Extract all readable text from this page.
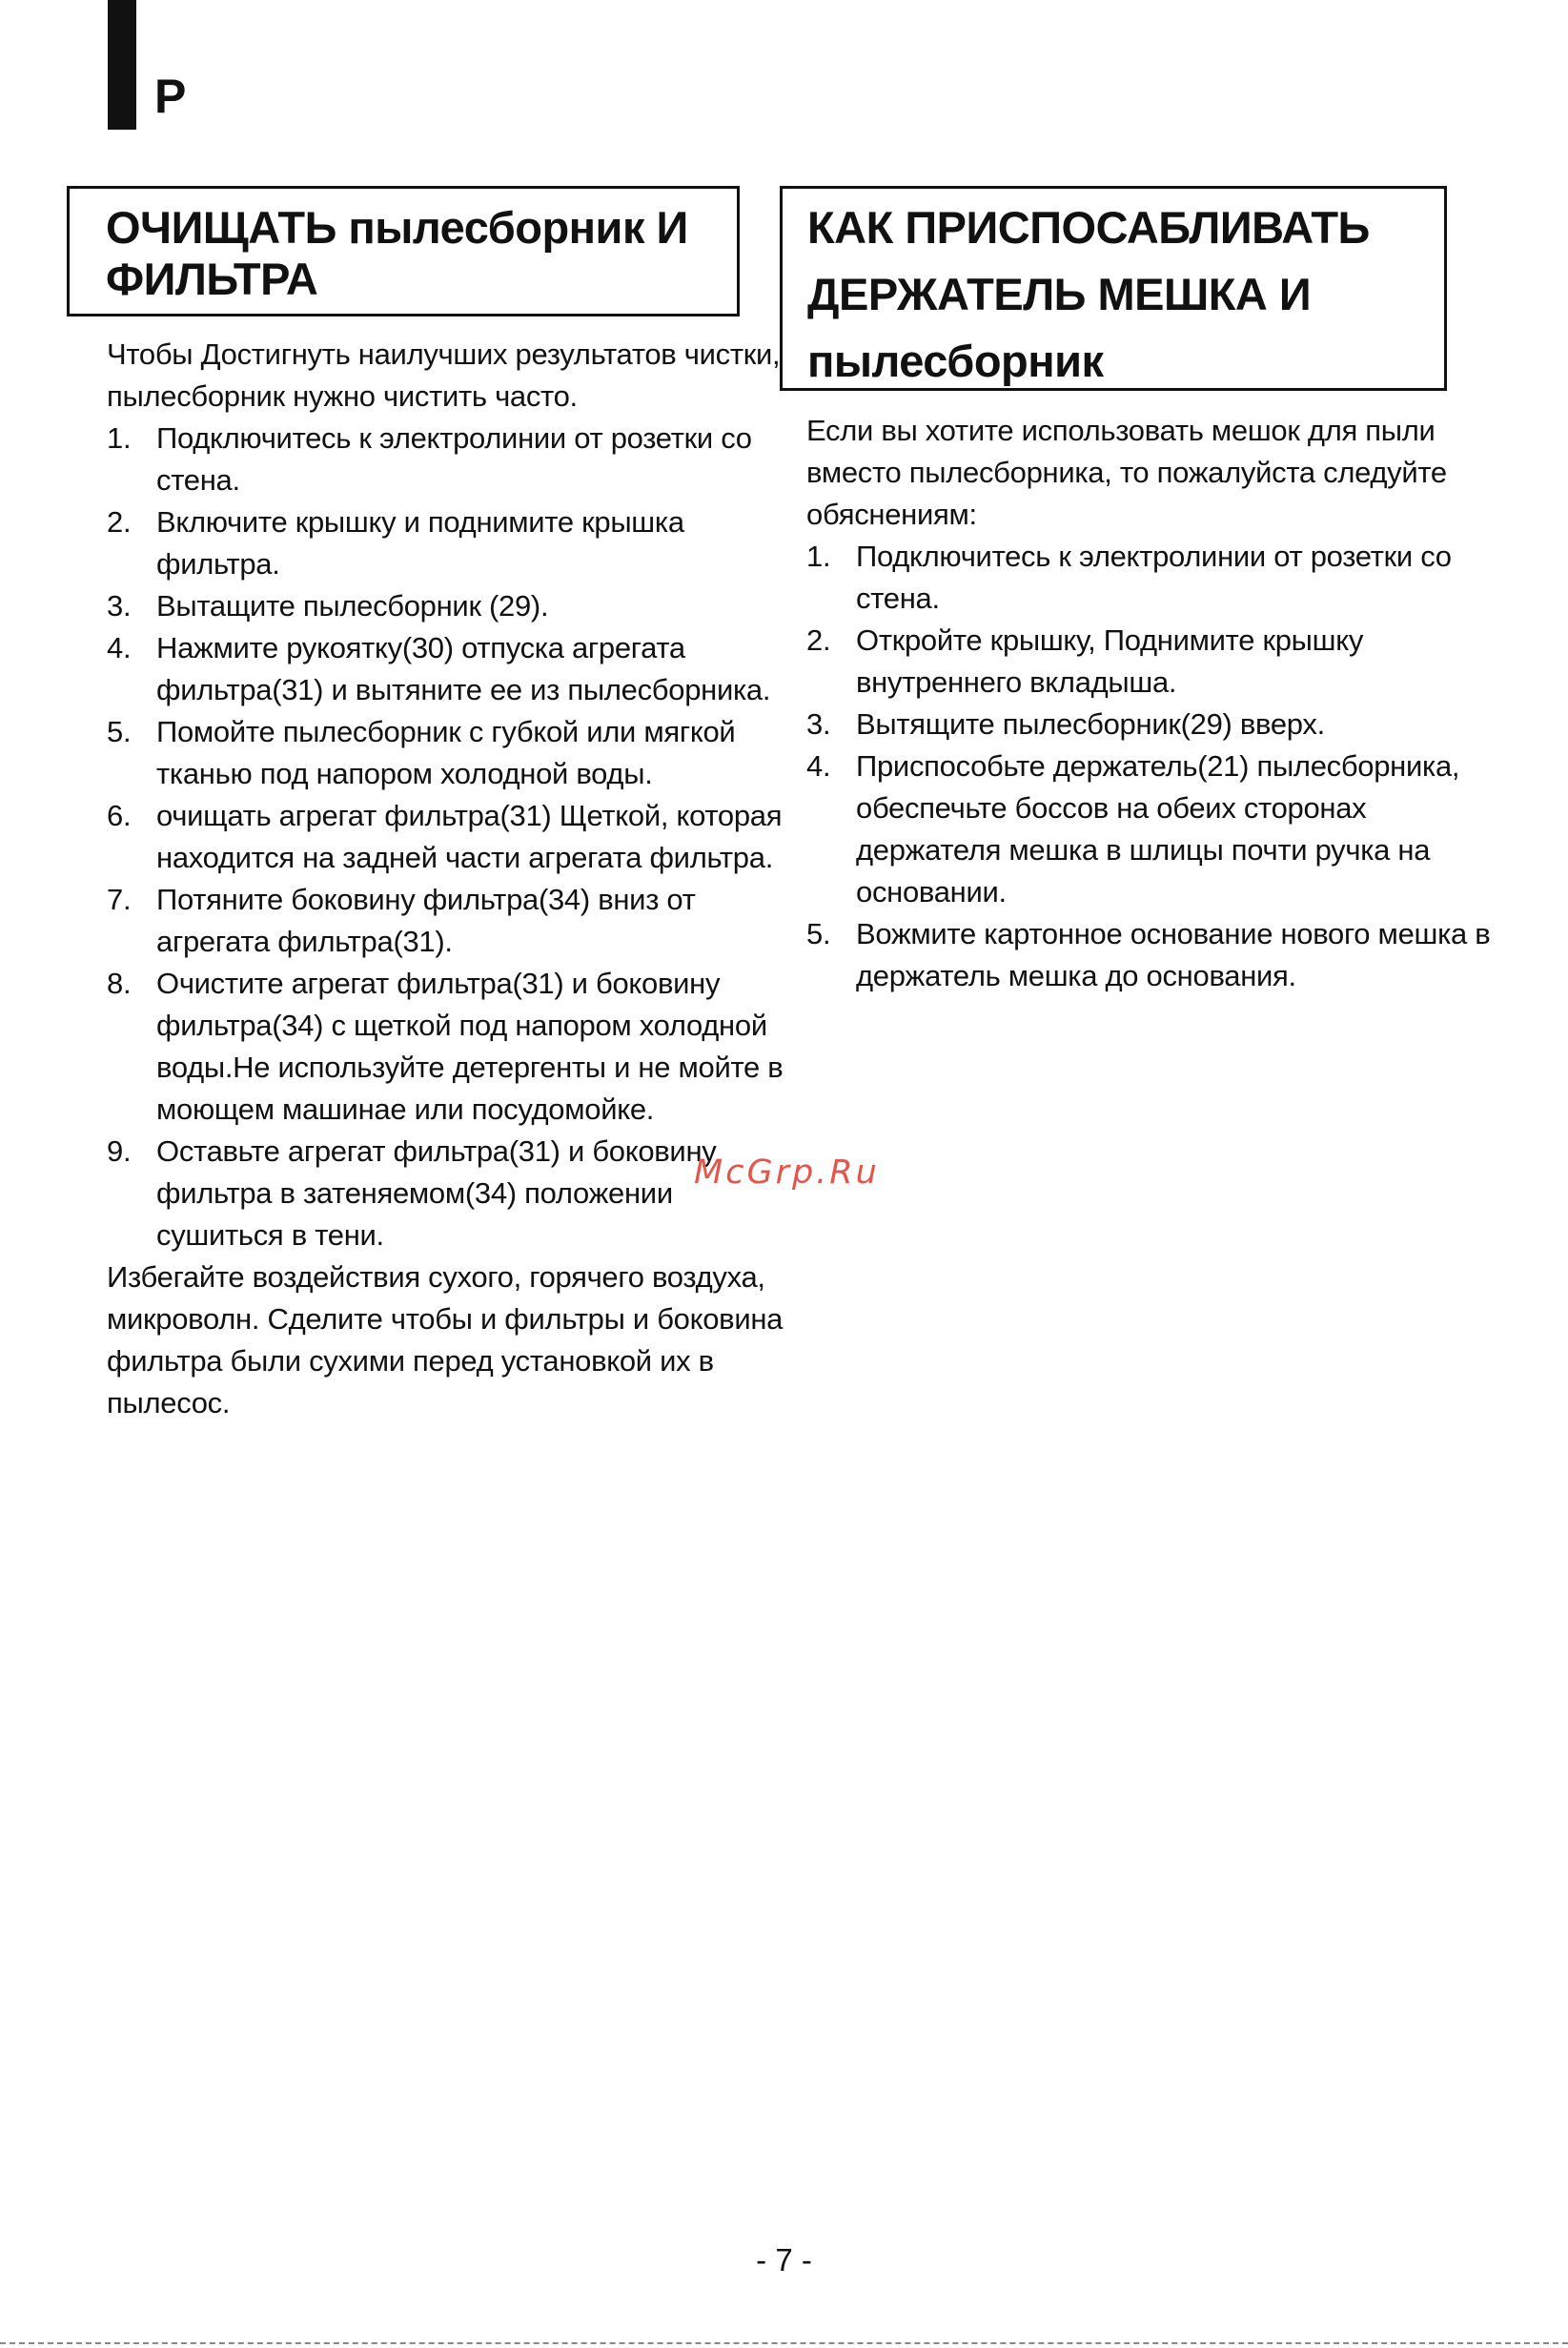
P
ОЧИЩАТЬ пылесборник И ФИЛЬТРА
Чтобы Достигнуть наилучших результатов чистки, пылесборник нужно чистить часто.
1. Подключитесь к электролинии от розетки со стена.
2. Включите крышку и поднимите крышка фильтра.
3. Вытащите пылесборник (29).
4. Нажмите рукоятку(30) отпуска агрегата фильтра(31) и вытяните ее из пылесборника.
5. Помойте пылесборник с губкой или мягкой тканью под напором холодной воды.
6. очищать агрегат фильтра(31) Щеткой, которая находится на задней части агрегата фильтра.
7. Потяните боковину фильтра(34) вниз от агрегата фильтра(31).
8. Очистите агрегат фильтра(31) и боковину фильтра(34) с щеткой под напором холодной воды.Не используйте детергенты и не мойте в моющем машинае или посудомойке.
9. Оставьте агрегат фильтра(31) и боковину фильтра в затеняемом(34) положении сушиться в тени.
Избегайте воздействия сухого, горячего воздуха, микроволн. Сделите чтобы и фильтры и боковина фильтра были сухими перед установкой их в пылесос.
КАК ПРИСПОСАБЛИВАТЬ ДЕРЖАТЕЛЬ МЕШКА И пылесборник
Если вы хотите использовать мешок для пыли вместо пылесборника, то пожалуйста следуйте обяснениям:
1. Подключитесь к электролинии от розетки со стена.
2. Откройте крышку, Поднимите крышку внутреннего вкладыша.
3. Вытящите пылесборник(29) вверх.
4. Приспособьте держатель(21) пылесборника, обеспечьте боссов на обеих сторонах держателя мешка в шлицы почти ручка на основании.
5. Вожмите картонное основание нового мешка в держатель мешка до основания.
McGrp.Ru
- 7 -
